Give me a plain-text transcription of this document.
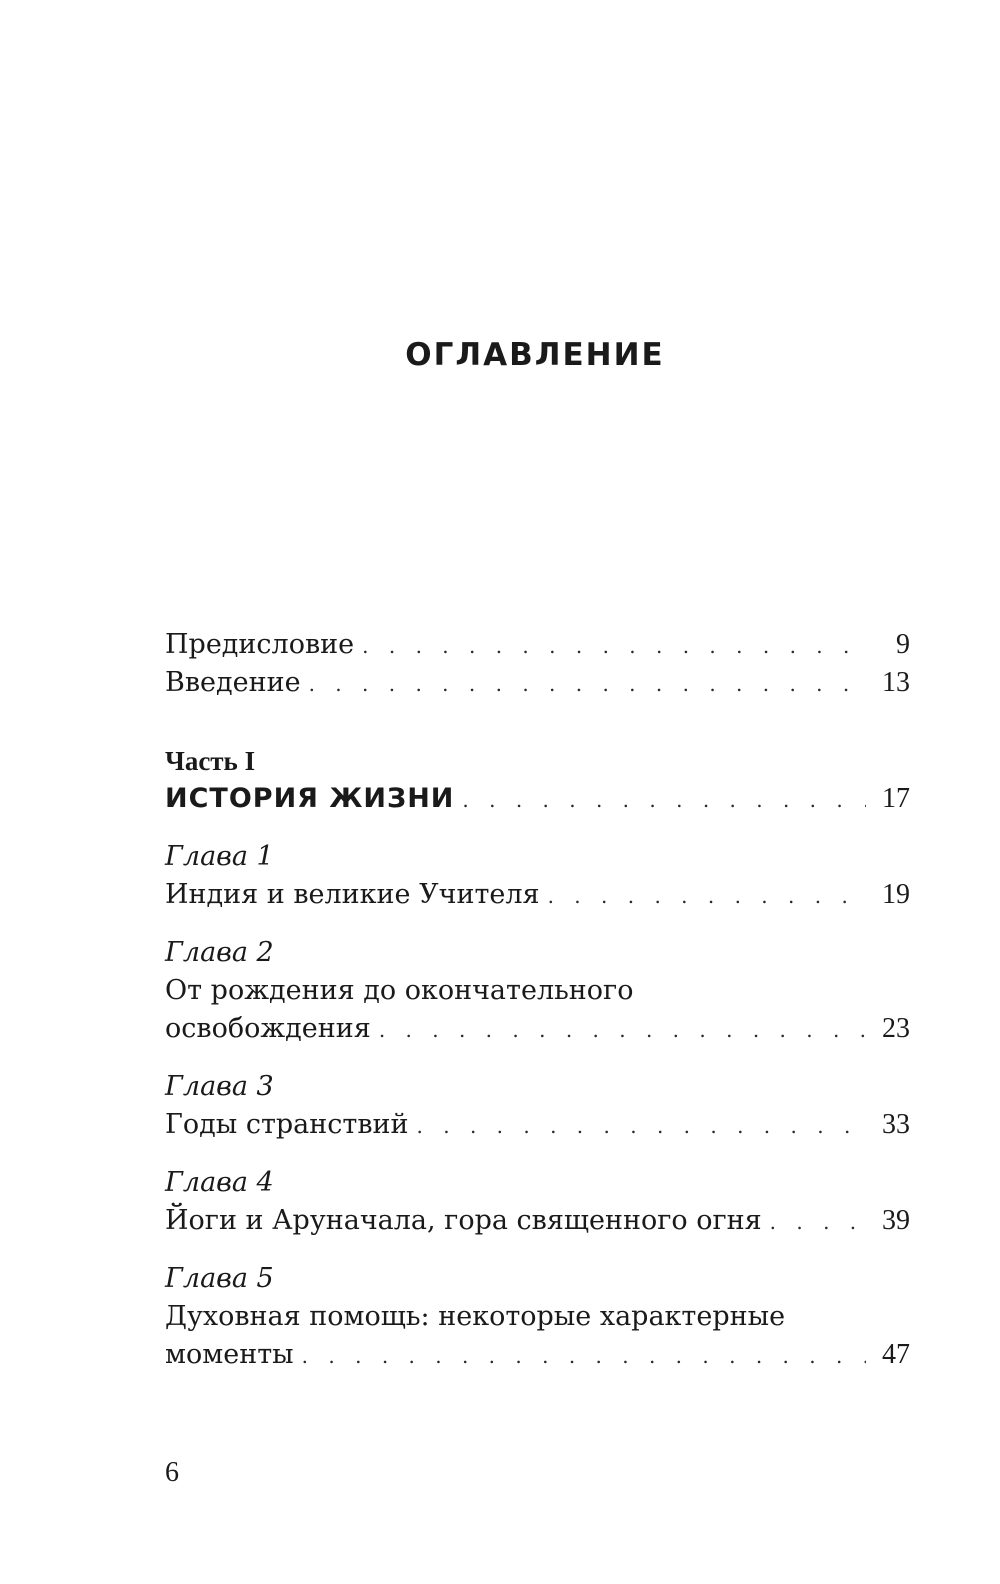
ОГЛАВЛЕНИЕ
Предисловие . . .	9
Введение . . .	13
Часть I
ИСТОРИЯ ЖИЗНИ . . .	17
Глава 1
Индия и великие Учителя . . .	19
Глава 2
От рождения до окончательного
освобождения . . .	23
Глава 3
Годы странствий . . .	33
Глава 4
Йоги и Аруначала, гора священного огня . . .	39
Глава 5
Духовная помощь: некоторые характерные
моменты . . .	47

6
